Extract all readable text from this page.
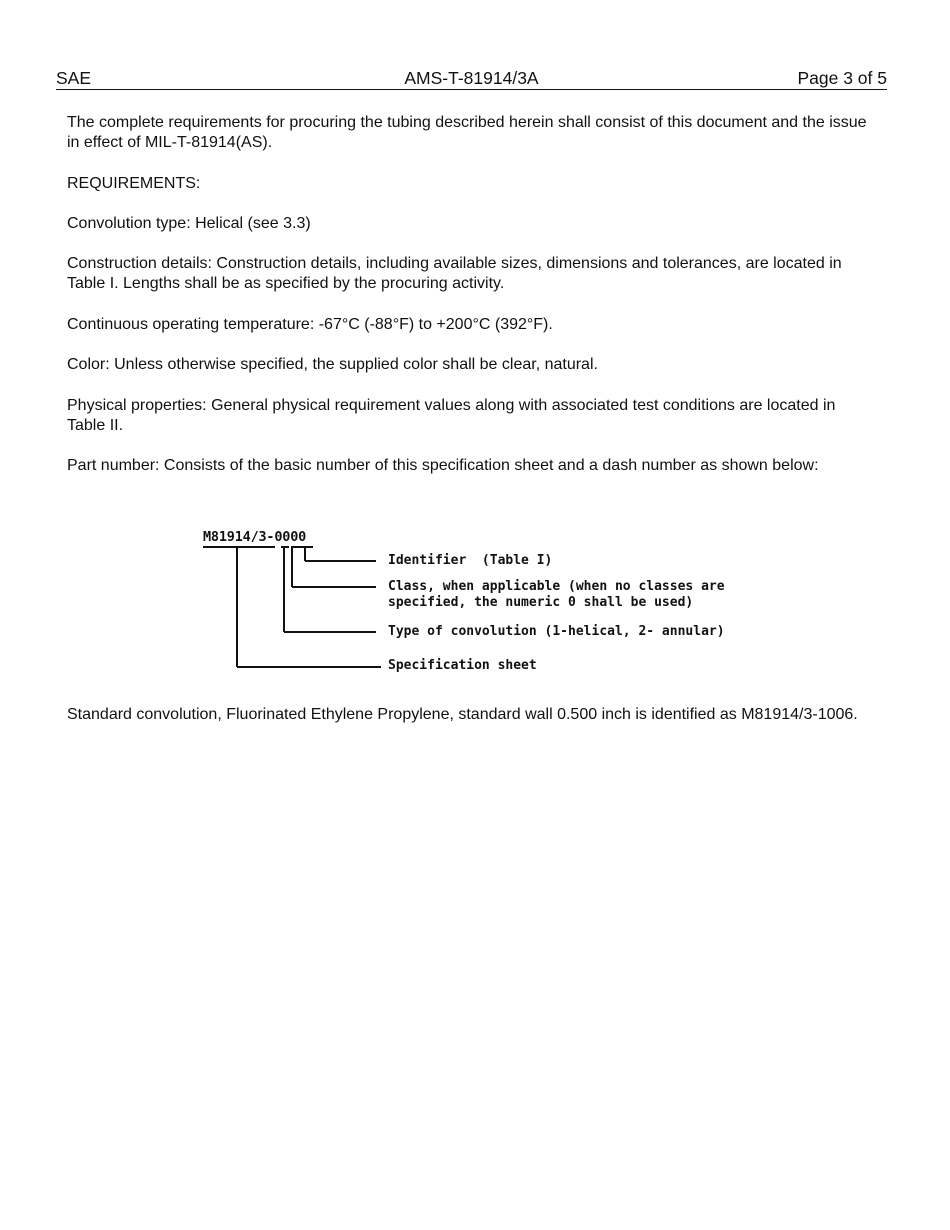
SAE	AMS-T-81914/3A	Page 3 of 5

The complete requirements for procuring the tubing described herein shall consist of this document and the issue in effect of MIL-T-81914(AS).

REQUIREMENTS:

Convolution type: Helical (see 3.3)

Construction details: Construction details, including available sizes, dimensions and tolerances, are located in Table I. Lengths shall be as specified by the procuring activity.

Continuous operating temperature: -67°C (-88°F) to +200°C (392°F).

Color: Unless otherwise specified, the supplied color shall be clear, natural.

Physical properties: General physical requirement values along with associated test conditions are located in Table II.

Part number: Consists of the basic number of this specification sheet and a dash number as shown below:

M81914/3-0000

Identifier  (Table I)

Class, when applicable (when no classes are

specified, the numeric 0 shall be used)

Type of convolution (1-helical, 2- annular)

Specification sheet

Standard convolution, Fluorinated Ethylene Propylene, standard wall 0.500 inch is identified as M81914/3-1006.
